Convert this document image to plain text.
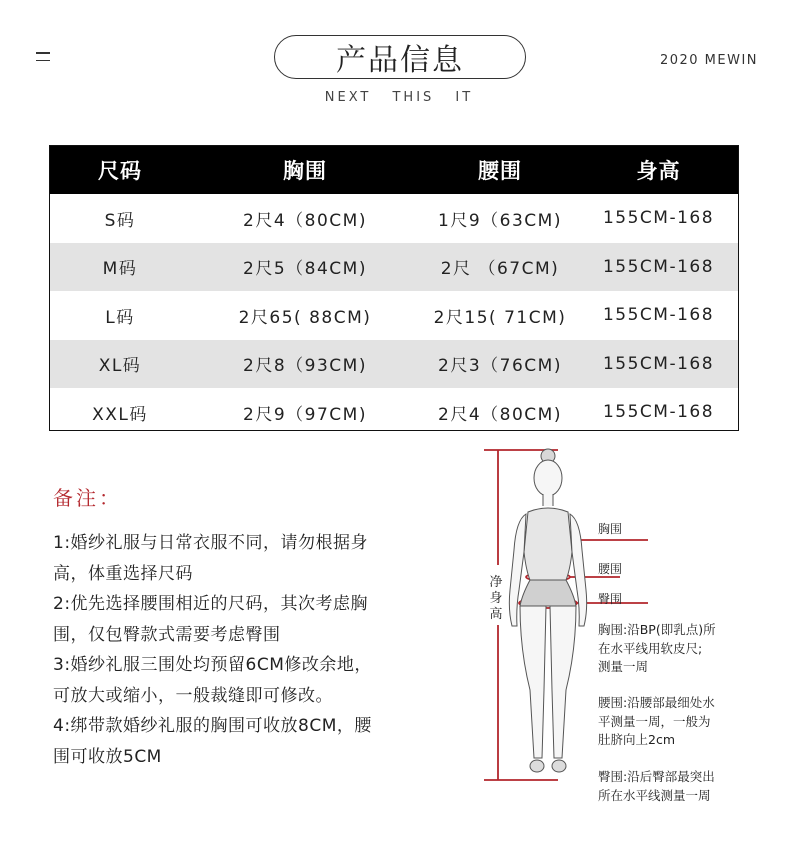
产品信息
NEXT THIS IT
2020 MEWIN
尺码	胸围	腰围	身高
S码	2尺4（80CM)	1尺9（63CM)	155CM-168
M码	2尺5（84CM)	2尺 （67CM)	155CM-168
L码	2尺65( 88CM)	2尺15( 71CM)	155CM-168
XL码	2尺8（93CM)	2尺3（76CM)	155CM-168
XXL码	2尺9（97CM)	2尺4（80CM)	155CM-168
备注：

1:婚纱礼服与日常衣服不同，请勿根据身

高，体重选择尺码

2:优先选择腰围相近的尺码，其次考虑胸

围，仅包臀款式需要考虑臀围

3:婚纱礼服三围处均预留6CM修改余地，

可放大或缩小，一般裁缝即可修改。

4:绑带款婚纱礼服的胸围可收放8CM，腰

围可收放5CM

净身高
胸围
腰围
臀围
胸围:沿BP(即乳点)所
在水平线用软皮尺;
测量一周
腰围:沿腰部最细处水
平测量一周，一般为
肚脐向上2cm
臀围:沿后臀部最突出
所在水平线测量一周
